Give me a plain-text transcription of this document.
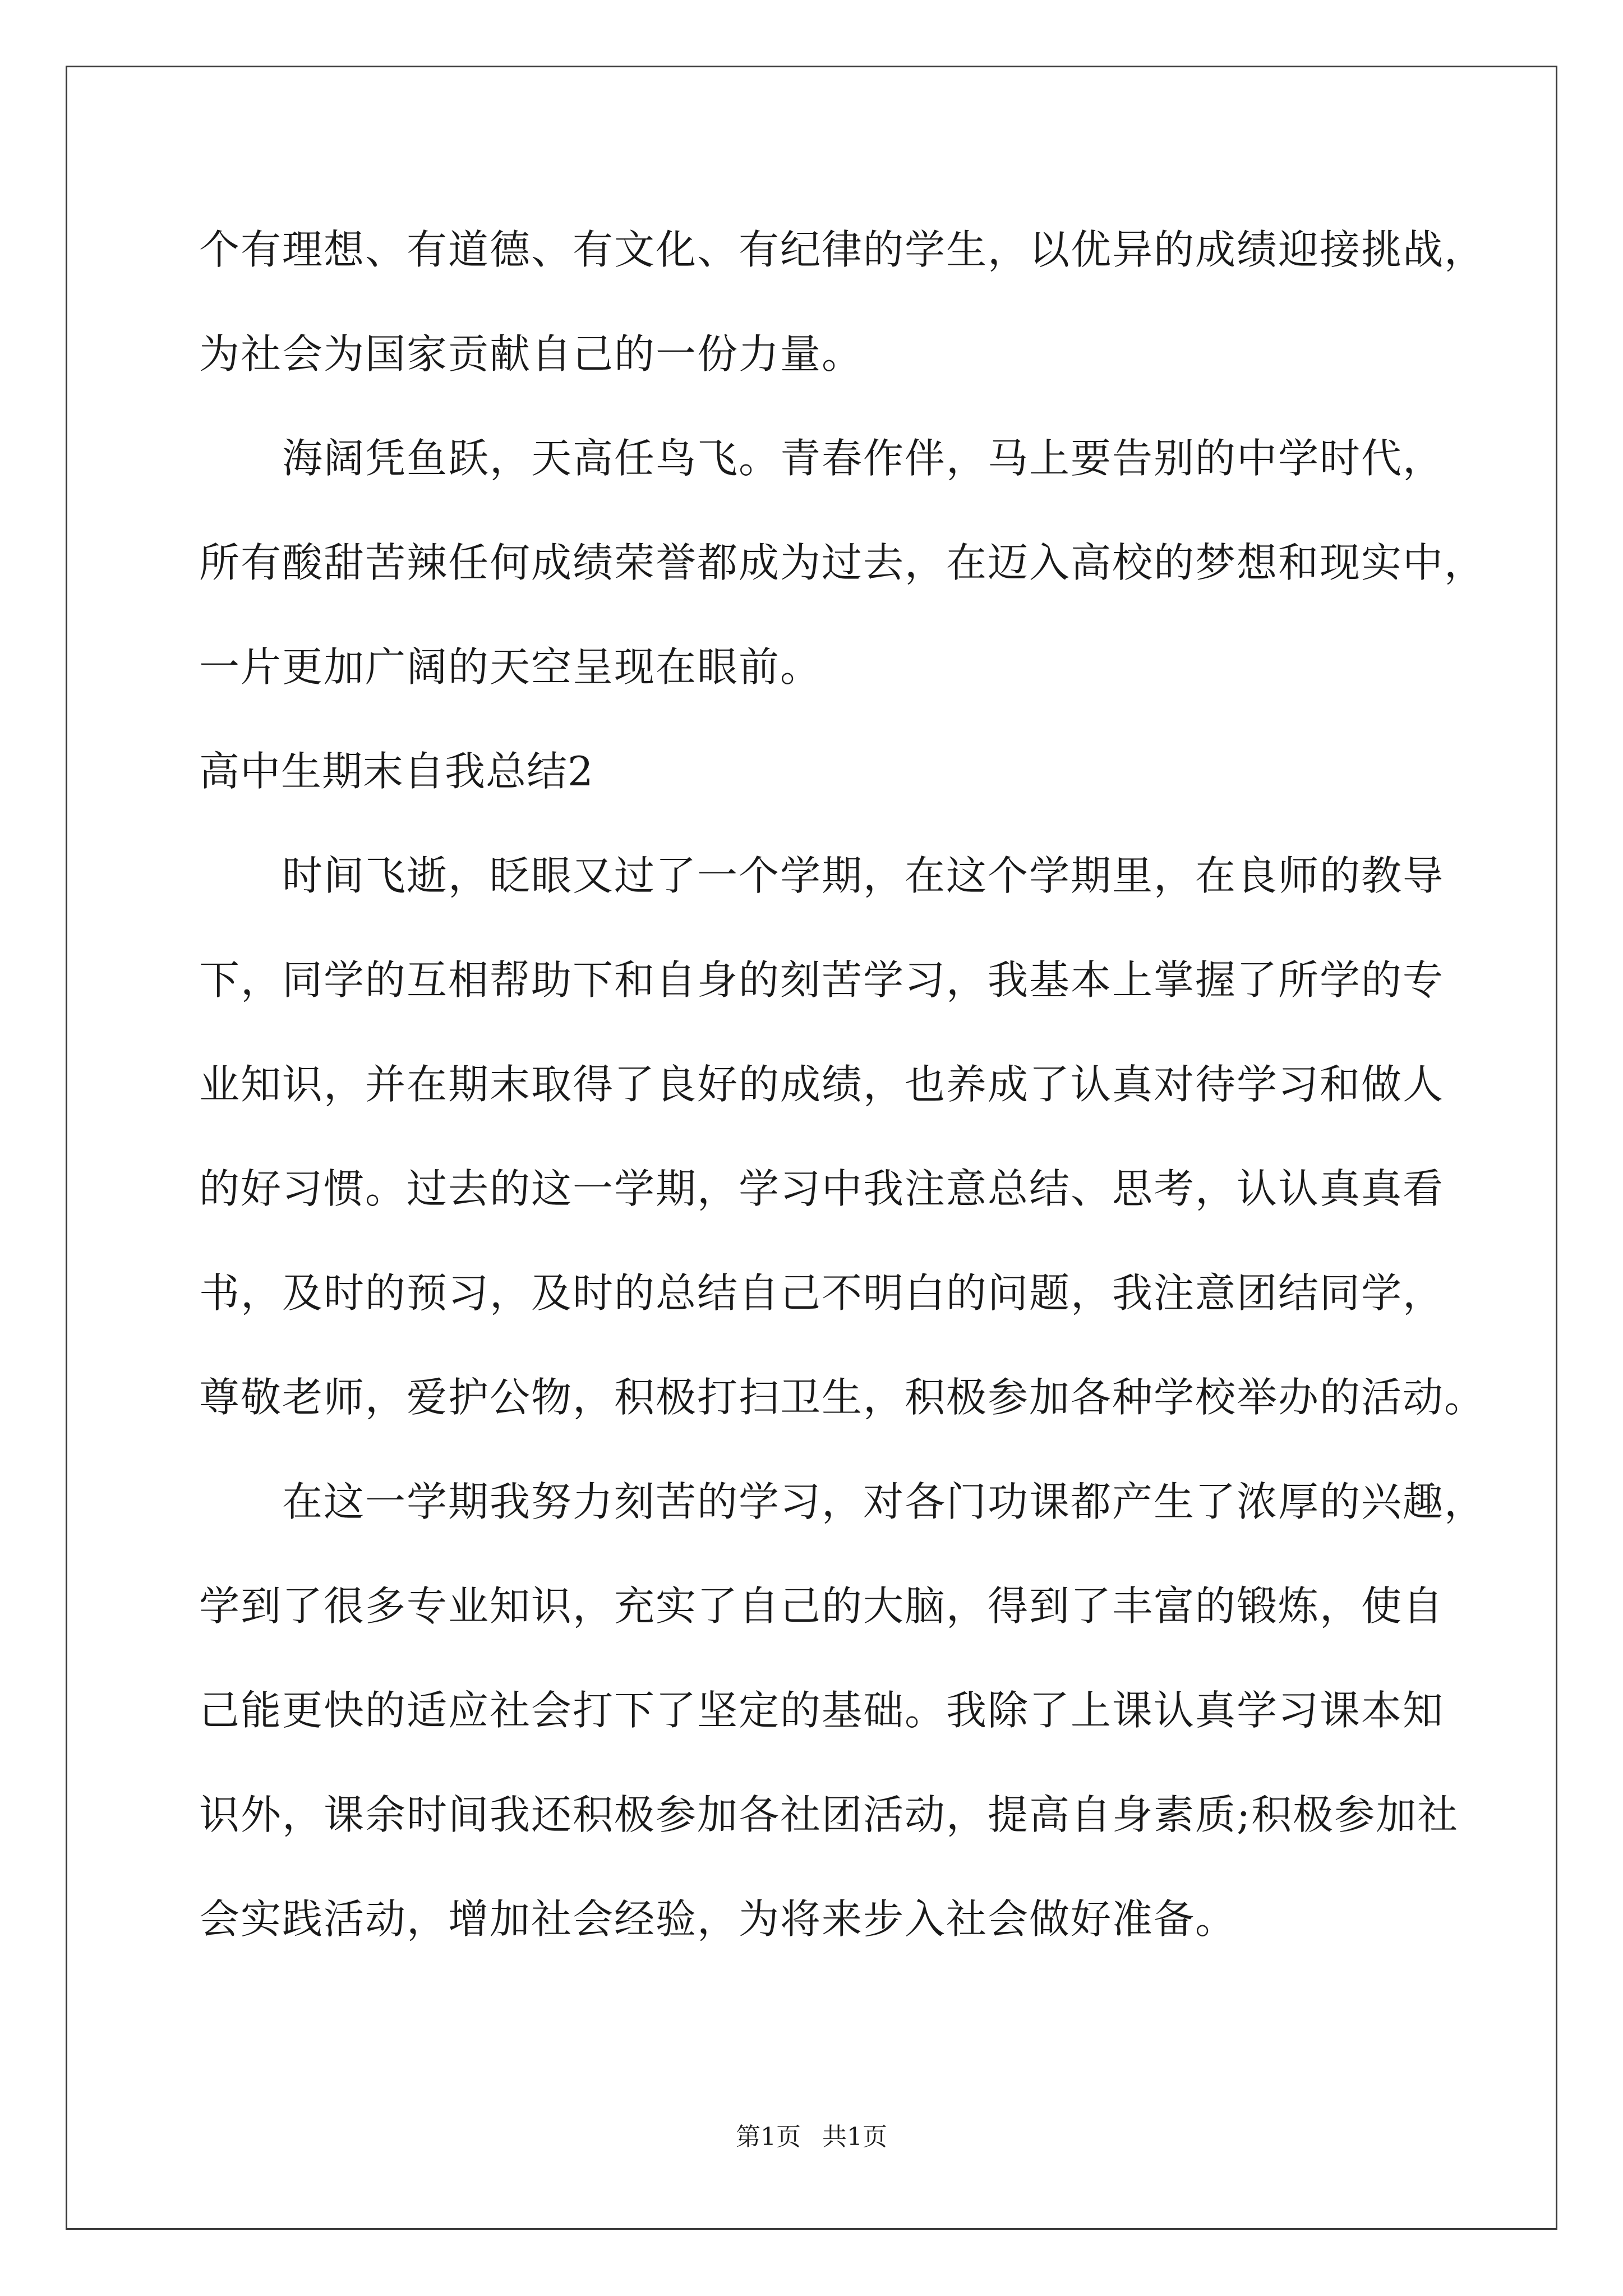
个有理想、有道德、有文化、有纪律的学生，以优异的成绩迎接挑战，

为社会为国家贡献自己的一份力量。

海阔凭鱼跃，天高任鸟飞。青春作伴，马上要告别的中学时代，

所有酸甜苦辣任何成绩荣誉都成为过去，在迈入高校的梦想和现实中，

一片更加广阔的天空呈现在眼前。

高中生期末自我总结2

时间飞逝，眨眼又过了一个学期，在这个学期里，在良师的教导

下，同学的互相帮助下和自身的刻苦学习，我基本上掌握了所学的专

业知识，并在期末取得了良好的成绩，也养成了认真对待学习和做人

的好习惯。过去的这一学期，学习中我注意总结、思考，认认真真看

书，及时的预习，及时的总结自己不明白的问题，我注意团结同学，

尊敬老师，爱护公物，积极打扫卫生，积极参加各种学校举办的活动。

在这一学期我努力刻苦的学习，对各门功课都产生了浓厚的兴趣，

学到了很多专业知识，充实了自己的大脑，得到了丰富的锻炼，使自

己能更快的适应社会打下了坚定的基础。我除了上课认真学习课本知

识外，课余时间我还积极参加各社团活动，提高自身素质;积极参加社

会实践活动，增加社会经验，为将来步入社会做好准备。

第1页 共1页
